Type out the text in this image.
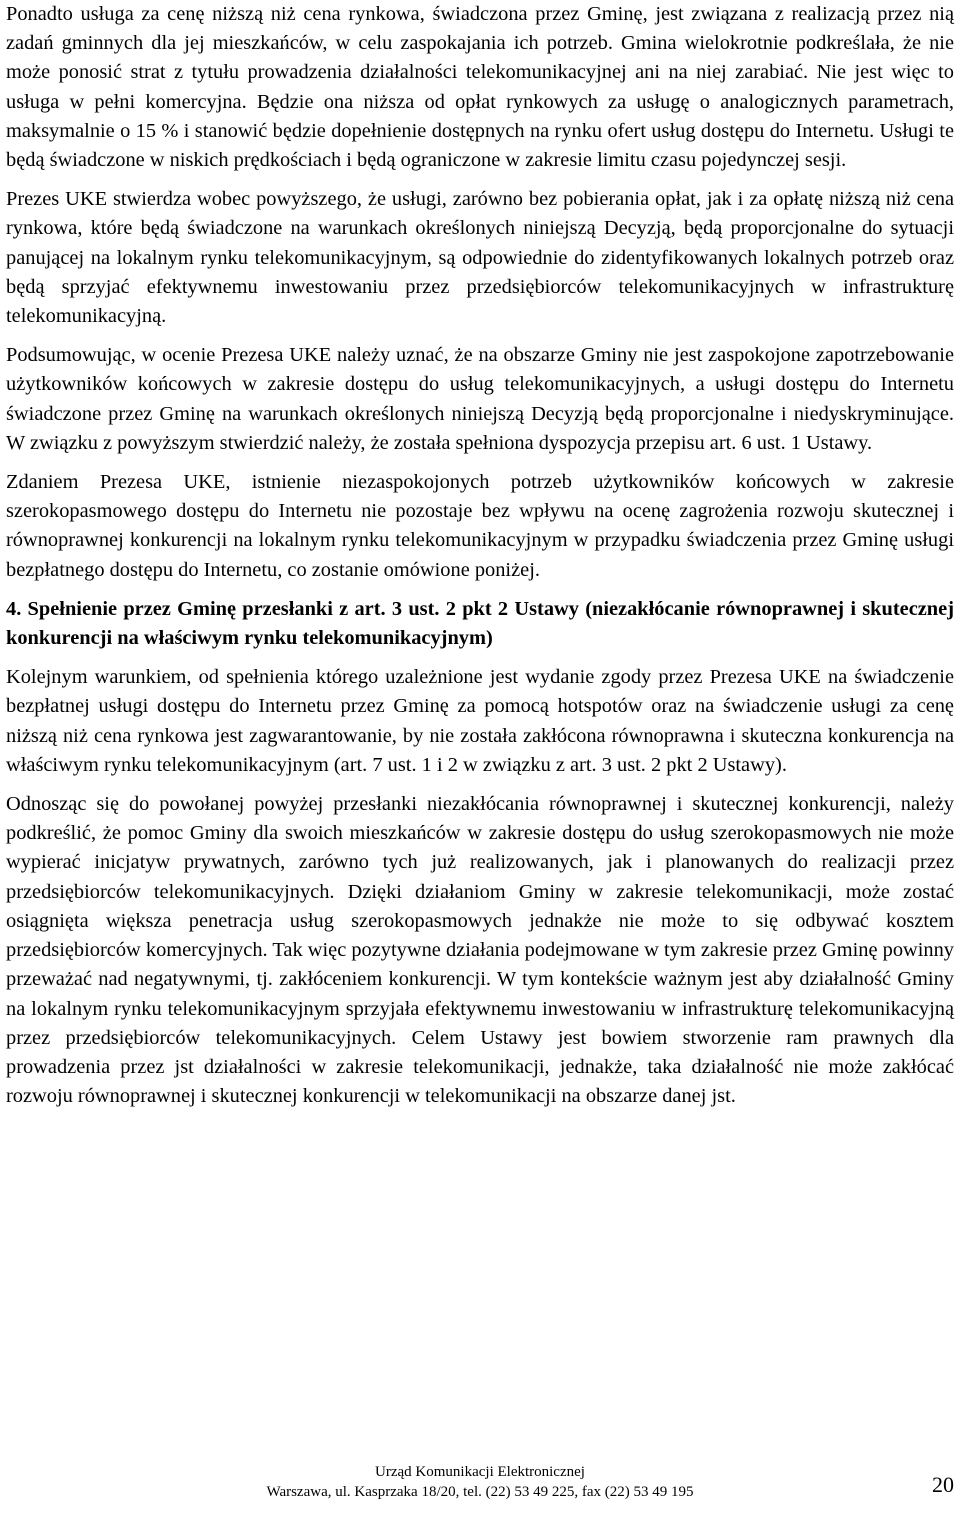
Ponadto usługa za cenę niższą niż cena rynkowa, świadczona przez Gminę, jest związana z realizacją przez nią zadań gminnych dla jej mieszkańców, w celu zaspokajania ich potrzeb. Gmina wielokrotnie podkreślała, że nie może ponosić strat z tytułu prowadzenia działalności telekomunikacyjnej ani na niej zarabiać. Nie jest więc to usługa w pełni komercyjna. Będzie ona niższa od opłat rynkowych za usługę o analogicznych parametrach, maksymalnie o 15 % i stanowić będzie dopełnienie dostępnych na rynku ofert usług dostępu do Internetu. Usługi te będą świadczone w niskich prędkościach i będą ograniczone w zakresie limitu czasu pojedynczej sesji.

Prezes UKE stwierdza wobec powyższego, że usługi, zarówno bez pobierania opłat, jak i za opłatę niższą niż cena rynkowa, które będą świadczone na warunkach określonych niniejszą Decyzją, będą proporcjonalne do sytuacji panującej na lokalnym rynku telekomunikacyjnym, są odpowiednie do zidentyfikowanych lokalnych potrzeb oraz będą sprzyjać efektywnemu inwestowaniu przez przedsiębiorców telekomunikacyjnych w infrastrukturę telekomunikacyjną.

Podsumowując, w ocenie Prezesa UKE należy uznać, że na obszarze Gminy nie jest zaspokojone zapotrzebowanie użytkowników końcowych w zakresie dostępu do usług telekomunikacyjnych, a usługi dostępu do Internetu świadczone przez Gminę na warunkach określonych niniejszą Decyzją będą proporcjonalne i niedyskryminujące. W związku z powyższym stwierdzić należy, że została spełniona dyspozycja przepisu art. 6 ust. 1 Ustawy.

Zdaniem Prezesa UKE, istnienie niezaspokojonych potrzeb użytkowników końcowych w zakresie szerokopasmowego dostępu do Internetu nie pozostaje bez wpływu na ocenę zagrożenia rozwoju skutecznej i równoprawnej konkurencji na lokalnym rynku telekomunikacyjnym w przypadku świadczenia przez Gminę usługi bezpłatnego dostępu do Internetu, co zostanie omówione poniżej.

4. Spełnienie przez Gminę przesłanki z art. 3 ust. 2 pkt 2 Ustawy (niezakłócanie równoprawnej i skutecznej konkurencji na właściwym rynku telekomunikacyjnym)

Kolejnym warunkiem, od spełnienia którego uzależnione jest wydanie zgody przez Prezesa UKE na świadczenie bezpłatnej usługi dostępu do Internetu przez Gminę za pomocą hotspotów oraz na świadczenie usługi za cenę niższą niż cena rynkowa jest zagwarantowanie, by nie została zakłócona równoprawna i skuteczna konkurencja na właściwym rynku telekomunikacyjnym (art. 7 ust. 1 i 2 w związku z art. 3 ust. 2 pkt 2 Ustawy).

Odnosząc się do powołanej powyżej przesłanki niezakłócania równoprawnej i skutecznej konkurencji, należy podkreślić, że pomoc Gminy dla swoich mieszkańców w zakresie dostępu do usług szerokopasmowych nie może wypierać inicjatyw prywatnych, zarówno tych już realizowanych, jak i planowanych do realizacji przez przedsiębiorców telekomunikacyjnych. Dzięki działaniom Gminy w zakresie telekomunikacji, może zostać osiągnięta większa penetracja usług szerokopasmowych jednakże nie może to się odbywać kosztem przedsiębiorców komercyjnych. Tak więc pozytywne działania podejmowane w tym zakresie przez Gminę powinny przeważać nad negatywnymi, tj. zakłóceniem konkurencji. W tym kontekście ważnym jest aby działalność Gminy na lokalnym rynku telekomunikacyjnym sprzyjała efektywnemu inwestowaniu w infrastrukturę telekomunikacyjną przez przedsiębiorców telekomunikacyjnych. Celem Ustawy jest bowiem stworzenie ram prawnych dla prowadzenia przez jst działalności w zakresie telekomunikacji, jednakże, taka działalność nie może zakłócać rozwoju równoprawnej i skutecznej konkurencji w telekomunikacji na obszarze danej jst.

Urząd Komunikacji Elektronicznej
Warszawa, ul. Kasprzaka 18/20, tel. (22) 53 49 225, fax (22) 53 49 195	20
